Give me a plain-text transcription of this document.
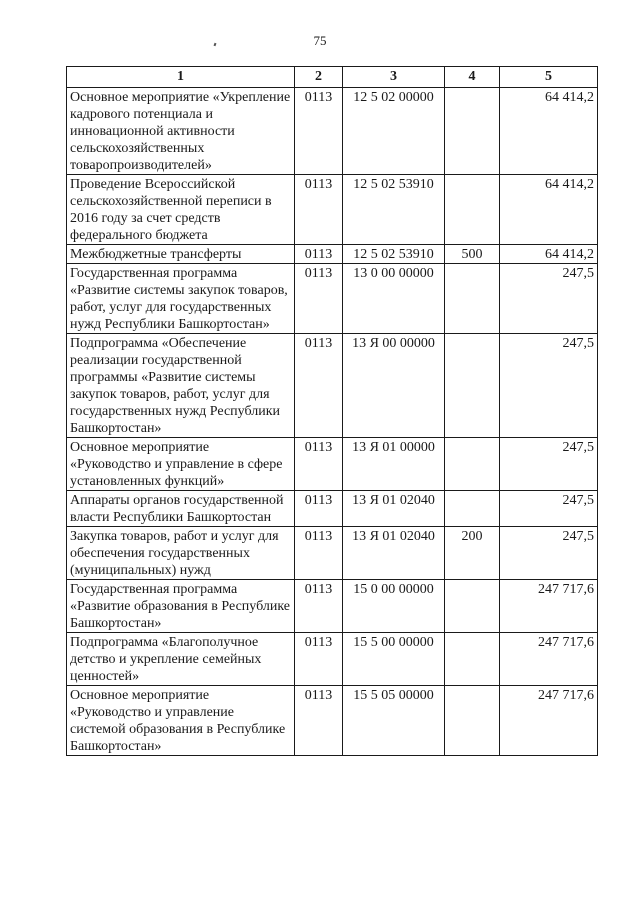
75
1	2	3	4	5
Основное мероприятие «Укрепление кадрового потенциала и инновационной активности сельскохозяйственных товаропроизводителей»	0113	12 5 02 00000		64 414,2
Проведение Всероссийской сельскохозяйственной переписи в 2016 году за счет средств федерального бюджета	0113	12 5 02 53910		64 414,2
Межбюджетные трансферты	0113	12 5 02 53910	500	64 414,2
Государственная программа «Развитие системы закупок товаров, работ, услуг для государственных нужд Республики Башкортостан»	0113	13 0 00 00000		247,5
Подпрограмма «Обеспечение реализации государственной программы «Развитие системы закупок товаров, работ, услуг для государственных нужд Республики Башкортостан»	0113	13 Я 00 00000		247,5
Основное мероприятие «Руководство и управление в сфере установленных функций»	0113	13 Я 01 00000		247,5
Аппараты органов государственной власти Республики Башкортостан	0113	13 Я 01 02040		247,5
Закупка товаров, работ и услуг для обеспечения государственных (муниципальных) нужд	0113	13 Я 01 02040	200	247,5
Государственная программа «Развитие образования в Республике Башкортостан»	0113	15 0 00 00000		247 717,6
Подпрограмма «Благополучное детство и укрепление семейных ценностей»	0113	15 5 00 00000		247 717,6
Основное мероприятие «Руководство и управление системой образования в Республике Башкортостан»	0113	15 5 05 00000		247 717,6
